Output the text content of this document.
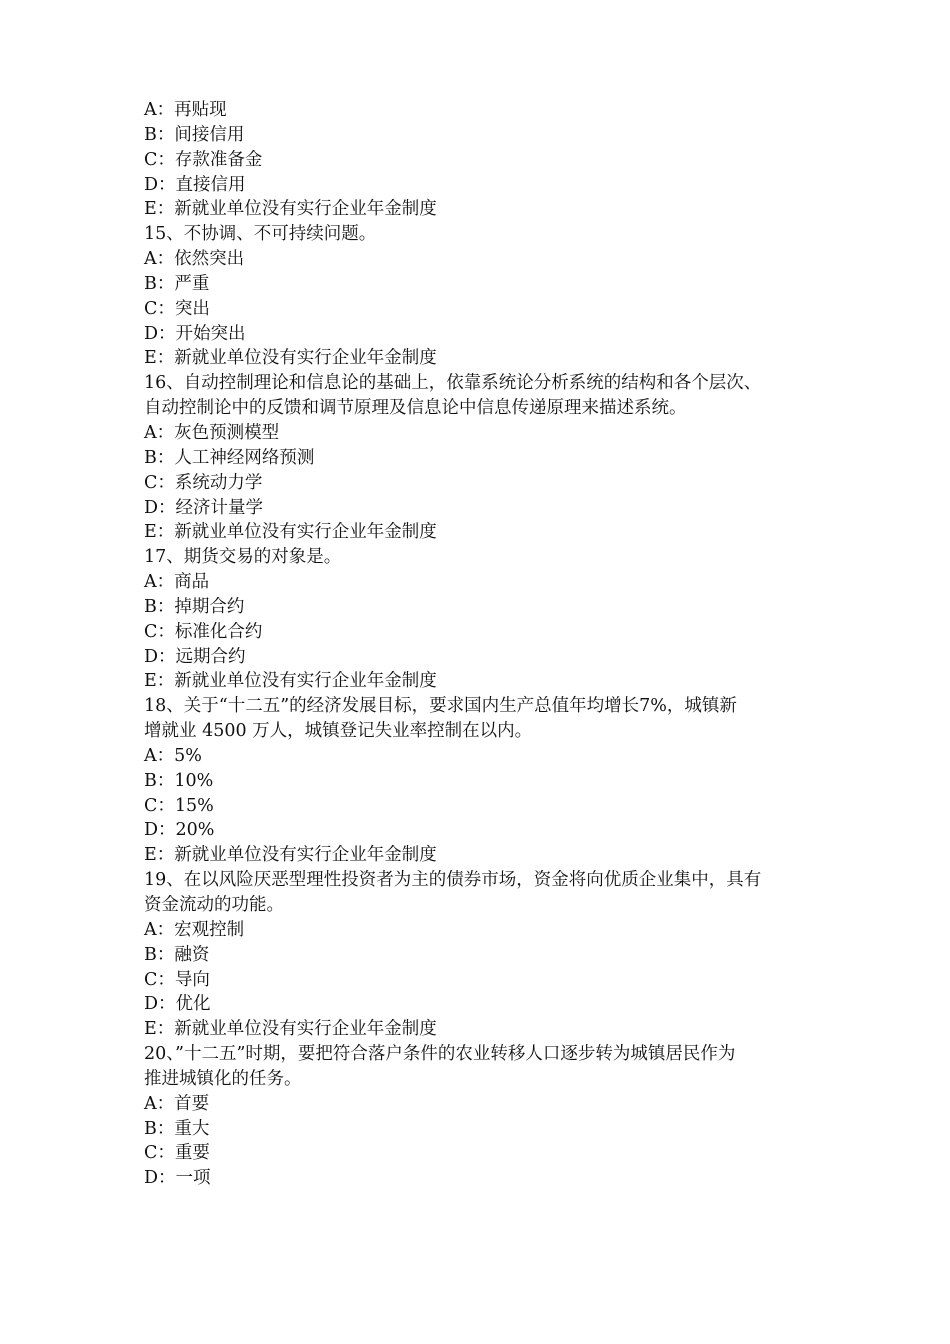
A：再贴现
B：间接信用
C：存款准备金
D：直接信用
E：新就业单位没有实行企业年金制度
15、不协调、不可持续问题。
A：依然突出
B：严重
C：突出
D：开始突出
E：新就业单位没有实行企业年金制度
16、自动控制理论和信息论的基础上，依靠系统论分析系统的结构和各个层次、
自动控制论中的反馈和调节原理及信息论中信息传递原理来描述系统。
A：灰色预测模型
B：人工神经网络预测
C：系统动力学
D：经济计量学
E：新就业单位没有实行企业年金制度
17、期货交易的对象是。
A：商品
B：掉期合约
C：标准化合约
D：远期合约
E：新就业单位没有实行企业年金制度
18、关于“十二五”的经济发展目标，要求国内生产总值年均增长7%，城镇新
增就业 4500 万人，城镇登记失业率控制在以内。
A：5%
B：10%
C：15%
D：20%
E：新就业单位没有实行企业年金制度
19、在以风险厌恶型理性投资者为主的债券市场，资金将向优质企业集中，具有
资金流动的功能。
A：宏观控制
B：融资
C：导向
D：优化
E：新就业单位没有实行企业年金制度
20、”十二五”时期，要把符合落户条件的农业转移人口逐步转为城镇居民作为
推进城镇化的任务。
A：首要
B：重大
C：重要
D：一项
